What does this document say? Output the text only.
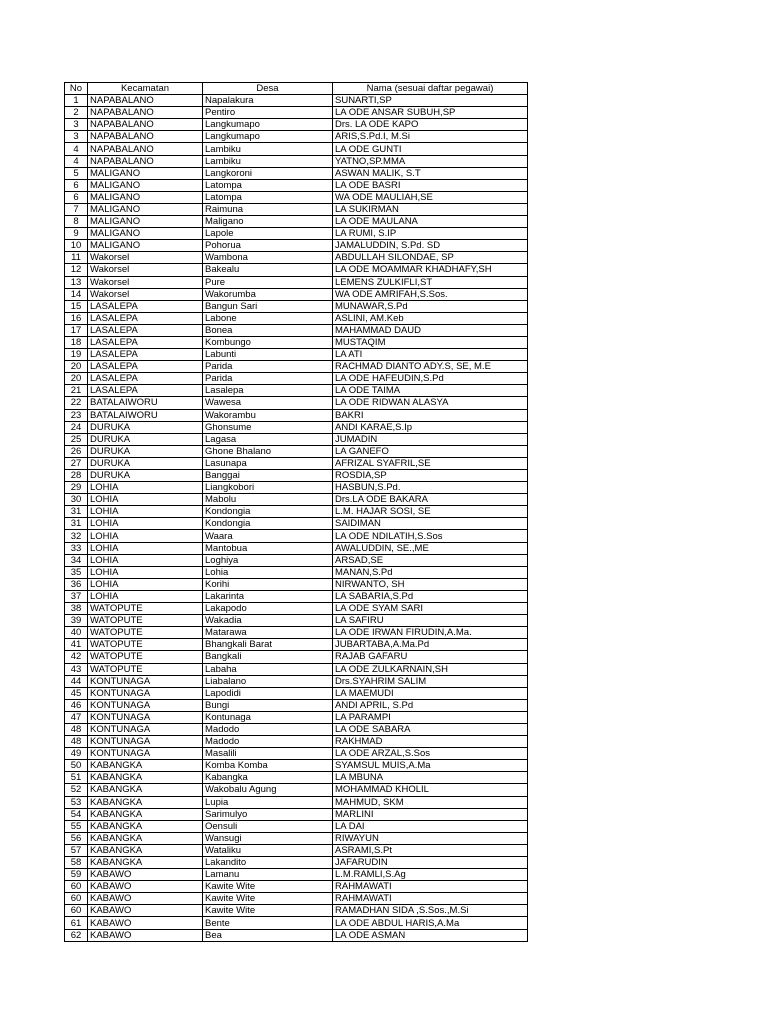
No	Kecamatan	Desa	Nama (sesuai daftar pegawai)
1	NAPABALANO	Napalakura	SUNARTI,SP
2	NAPABALANO	Pentiro	LA ODE ANSAR SUBUH,SP
3	NAPABALANO	Langkumapo	Drs. LA ODE KAPO
3	NAPABALANO	Langkumapo	ARIS,S.Pd.I, M.Si
4	NAPABALANO	Lambiku	LA ODE GUNTI
4	NAPABALANO	Lambiku	YATNO,SP.MMA
5	MALIGANO	Langkoroni	ASWAN MALIK, S.T
6	MALIGANO	Latompa	LA ODE BASRI
6	MALIGANO	Latompa	WA ODE MAULIAH,SE
7	MALIGANO	Raimuna	LA SUKIRMAN
8	MALIGANO	Maligano	LA ODE MAULANA
9	MALIGANO	Lapole	LA RUMI, S.IP
10	MALIGANO	Pohorua	JAMALUDDIN, S.Pd. SD
11	Wakorsel	Wambona	ABDULLAH SILONDAE, SP
12	Wakorsel	Bakealu	LA ODE MOAMMAR KHADHAFY,SH
13	Wakorsel	Pure	LEMENS ZULKIFLI,ST
14	Wakorsel	Wakorumba	WA ODE AMRIFAH,S.Sos.
15	LASALEPA	Bangun Sari	MUNAWAR,S.Pd
16	LASALEPA	Labone	ASLINI, AM.Keb
17	LASALEPA	Bonea	MAHAMMAD DAUD
18	LASALEPA	Kombungo	MUSTAQIM
19	LASALEPA	Labunti	LA ATI
20	LASALEPA	Parida	RACHMAD DIANTO ADY.S, SE, M.E
20	LASALEPA	Parida	LA ODE HAFEUDIN,S.Pd
21	LASALEPA	Lasalepa	LA ODE TAIMA
22	BATALAIWORU	Wawesa	LA ODE RIDWAN ALASYA
23	BATALAIWORU	Wakorambu	BAKRI
24	DURUKA	Ghonsume	ANDI KARAE,S.Ip
25	DURUKA	Lagasa	JUMADIN
26	DURUKA	Ghone Bhalano	LA GANEFO
27	DURUKA	Lasunapa	AFRIZAL SYAFRIL,SE
28	DURUKA	Banggai	ROSDIA,SP
29	LOHIA	Liangkobori	HASBUN,S.Pd.
30	LOHIA	Mabolu	Drs.LA ODE BAKARA
31	LOHIA	Kondongia	L.M. HAJAR SOSI, SE
31	LOHIA	Kondongia	SAIDIMAN
32	LOHIA	Waara	LA ODE NDILATIH,S.Sos
33	LOHIA	Mantobua	AWALUDDIN, SE.,ME
34	LOHIA	Loghiya	ARSAD,SE
35	LOHIA	Lohia	MANAN,S.Pd
36	LOHIA	Korihi	NIRWANTO, SH
37	LOHIA	Lakarinta	LA SABARIA,S.Pd
38	WATOPUTE	Lakapodo	LA ODE SYAM SARI
39	WATOPUTE	Wakadia	LA SAFIRU
40	WATOPUTE	Matarawa	LA ODE IRWAN FIRUDIN,A.Ma.
41	WATOPUTE	Bhangkali Barat	JUBARTABA,A.Ma.Pd
42	WATOPUTE	Bangkali	RAJAB GAFARU
43	WATOPUTE	Labaha	LA ODE ZULKARNAIN,SH
44	KONTUNAGA	Liabalano	Drs.SYAHRIM SALIM
45	KONTUNAGA	Lapodidi	LA MAEMUDI
46	KONTUNAGA	Bungi	ANDI APRIL, S.Pd
47	KONTUNAGA	Kontunaga	LA PARAMPI
48	KONTUNAGA	Madodo	LA ODE SABARA
48	KONTUNAGA	Madodo	RAKHMAD
49	KONTUNAGA	Masalili	LA ODE ARZAL,S.Sos
50	KABANGKA	Komba Komba	SYAMSUL MUIS,A.Ma
51	KABANGKA	Kabangka	LA MBUNA
52	KABANGKA	Wakobalu Agung	MOHAMMAD KHOLIL
53	KABANGKA	Lupia	MAHMUD, SKM
54	KABANGKA	Sarimulyo	MARLINI
55	KABANGKA	Oensuli	LA DAI
56	KABANGKA	Wansugi	RIWAYUN
57	KABANGKA	Wataliku	ASRAMI,S.Pt
58	KABANGKA	Lakandito	JAFARUDIN
59	KABAWO	Lamanu	L.M.RAMLI,S.Ag
60	KABAWO	Kawite Wite	RAHMAWATI
60	KABAWO	Kawite Wite	RAHMAWATI
60	KABAWO	Kawite Wite	RAMADHAN SIDA ,S.Sos.,M.Si
61	KABAWO	Bente	LA ODE ABDUL HARIS,A.Ma
62	KABAWO	Bea	LA ODE ASMAN
